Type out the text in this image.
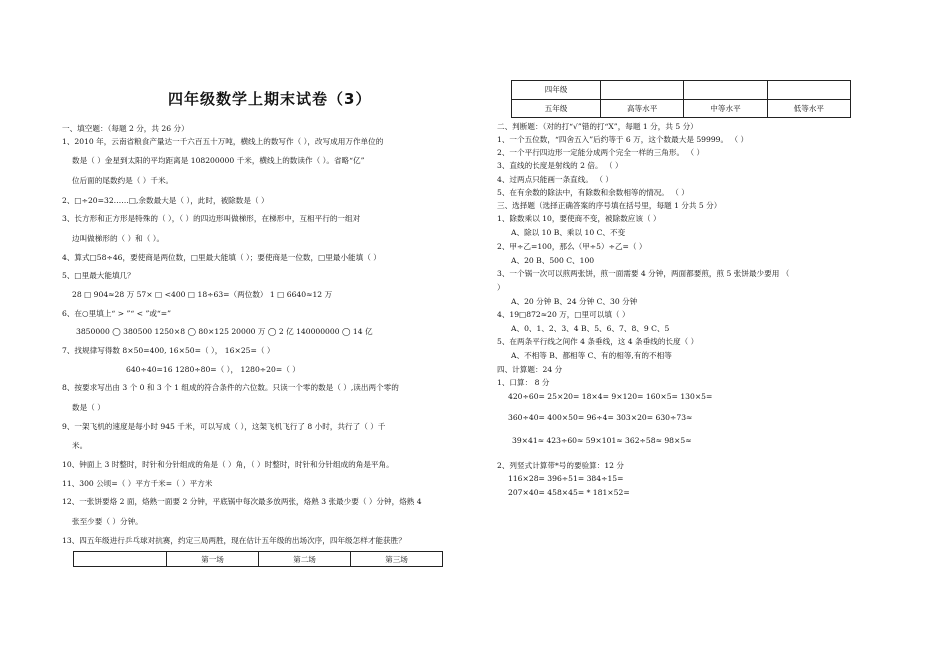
四年级数学上期末试卷（3）
一、填空题：（每题 2 分，共 26 分）
1、2010 年，云南省粮食产量达一千六百五十万吨，横线上的数写作（ ），改写成用万作单位的
数是（ ）金星到太阳的平均距离是 108200000 千米，横线上的数读作（ ）。省略“亿”
位后面的尾数约是（ ）千米。
2、□÷20=32……□,余数最大是（ ），此时，被除数是（ ）
3、长方形和正方形是特殊的（ ），（ ）的四边形叫做梯形，在梯形中，互相平行的一组对
边叫做梯形的（ ）和（ ）。
4、算式□58÷46，要使商是两位数，□里最大能填（ ）；要使商是一位数，□里最小能填（ ）
5、□里最大能填几？
28 □ 904≈28 万 57× □ <400 □ 18÷63=（两位数） 1 □ 6640≈12 万
6、在○里填上“ > ”“ < ”或“=”
3850000 ◯ 380500 1250×8 ◯ 80×125 20000 万 ◯ 2 亿 140000000 ◯ 14 亿
7、找规律写得数 8×50=400, 16×50=（ ）， 16×25=（ ）
640÷40=16 1280÷80=（ ）， 1280÷20=（ ）
8、按要求写出由 3 个 0 和 3 个 1 组成的符合条件的六位数。只读一个零的数是（ ）,读出两个零的
数是（ ）
9、一架飞机的速度是每小时 945 千米，可以写成（ ），这架飞机飞行了 8 小时，共行了（ ）千
米。
10、钟面上 3 时整时，时针和分针组成的角是（ ）角，（ ）时整时，时针和分针组成的角是平角。
11、300 公顷=（ ）平方千米=（ ）平方米
12、一张饼要烙 2 面，烙熟一面要 2 分钟，平底锅中每次最多放两张，烙熟 3 张最少要（ ）分钟，烙熟 4
张至少要（ ）分钟。
13、四五年级进行乒乓球对抗赛，约定三局两胜，现在估计五年级的出场次序，四年级怎样才能获胜？
	第一场	第二场	第三场
四年级			
五年级	高等水平	中等水平	低等水平
二、判断题：（对的打“√”错的打“X”，每题 1 分，共 5 分）
1、一个五位数，“四舍五入”后约等于 6 万，这个数最大是 59999。 （ ）
2、一个平行四边形一定能分成两个完全一样的三角形。 （ ）
3、直线的长度是射线的 2 倍。 （ ）
4、过两点只能画一条直线。 （ ）
5、在有余数的除法中，有除数和余数相等的情况。 （ ）
三、选择题（选择正确答案的序号填在括号里，每题 1 分共 5 分）
1、除数乘以 10，要使商不变，被除数应该（ ）
A、除以 10 B、乘以 10 C、不变
2、甲÷乙=100，那么（甲÷5）÷乙=（ ）
A、20 B、500 C、100
3、一个锅一次可以煎两张饼，煎一面需要 4 分钟，两面都要煎，煎 5 张饼最少要用 （
）
A、20 分钟 B、24 分钟 C、30 分钟
4、19□872≈20 万，□里可以填（ ）
A、0、1、2、3、4 B、5、6、7、8、9 C、5
5、在两条平行线之间作 4 条垂线，这 4 条垂线的长度（ ）
A、不相等 B、都相等 C、有的相等,有的不相等
四、计算题：24 分
1、口算： 8 分
420÷60= 25×20= 18×4= 9×120= 160×5= 130×5=
360÷40= 400×50= 96÷4= 303×20= 630÷73≈
39×41≈ 423÷60≈ 59×101≈ 362÷58≈ 98×5≈
2、列竖式计算带*号的要验算：12 分
116×28= 396÷51= 384÷15=
207×40= 458×45= * 181×52=
